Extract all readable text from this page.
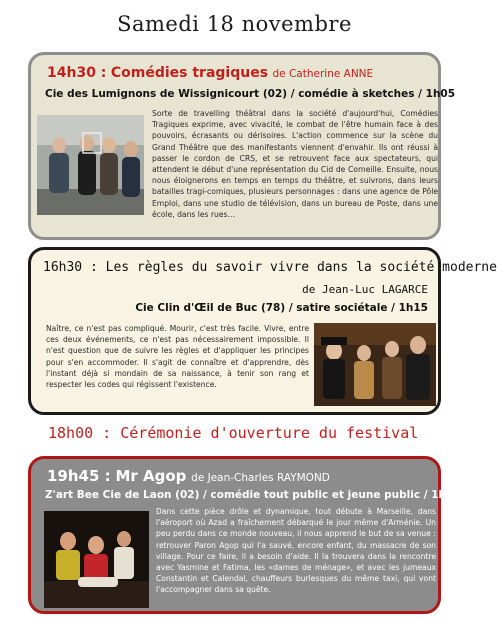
Samedi 18 novembre
14h30 : Comédies tragiques de Catherine ANNE
Cie des Lumignons de Wissignicourt (02) / comédie à sketches / 1h05
Sorte de travelling théâtral dans la société d'aujourd'hui, Comédies Tragiques exprime, avec vivacité, le combat de l'être humain face à des pouvoirs, écrasants ou dérisoires. L'action commence sur la scène du Grand Théâtre que des manifestants viennent d'envahir. Ils ont réussi à passer le cordon de CRS, et se retrouvent face aux spectateurs, qui attendent le début d'une représentation du Cid de Corneille. Ensuite, nous nous éloignerons en temps en temps du théâtre, et suivrons, dans leurs batailles tragi-comiques, plusieurs personnages : dans une agence de Pôle Emploi, dans une studio de télévision, dans un bureau de Poste, dans une école, dans les rues…
16h30 : Les règles du savoir vivre dans la société moderne
de Jean-Luc LAGARCE
Cie Clin d'Œil de Buc (78) / satire sociétale / 1h15
Naître, ce n'est pas compliqué. Mourir, c'est très facile. Vivre, entre ces deux événements, ce n'est pas nécessairement impossible. Il n'est question que de suivre les règles et d'appliquer les principes pour s'en accommoder. Il s'agit de connaître et d'apprendre, dès l'instant déjà si mondain de sa naissance, à tenir son rang et respecter les codes qui régissent l'existence.
18h00 : Cérémonie d'ouverture du festival
19h45 : Mr Agop de Jean-Charles RAYMOND
Z'art Bee Cie de Laon (02) / comédie tout public et jeune public / 1h00
Dans cette pièce drôle et dynamique, tout débute à Marseille, dans l'aéroport où Azad a fraîchement débarqué le jour même d'Arménie. Un peu perdu dans ce monde nouveau, il nous apprend le but de sa venue : retrouver Paron Agop qui l'a sauvé, encore enfant, du massacre de son village. Pour ce faire, il a besoin d'aide. Il la trouvera dans la rencontre avec Yasmine et Fatima, les «dames de ménage», et avec les jumeaux Constantin et Calendal, chauffeurs burlesques du même taxi, qui vont l'accompagner dans sa quête.
